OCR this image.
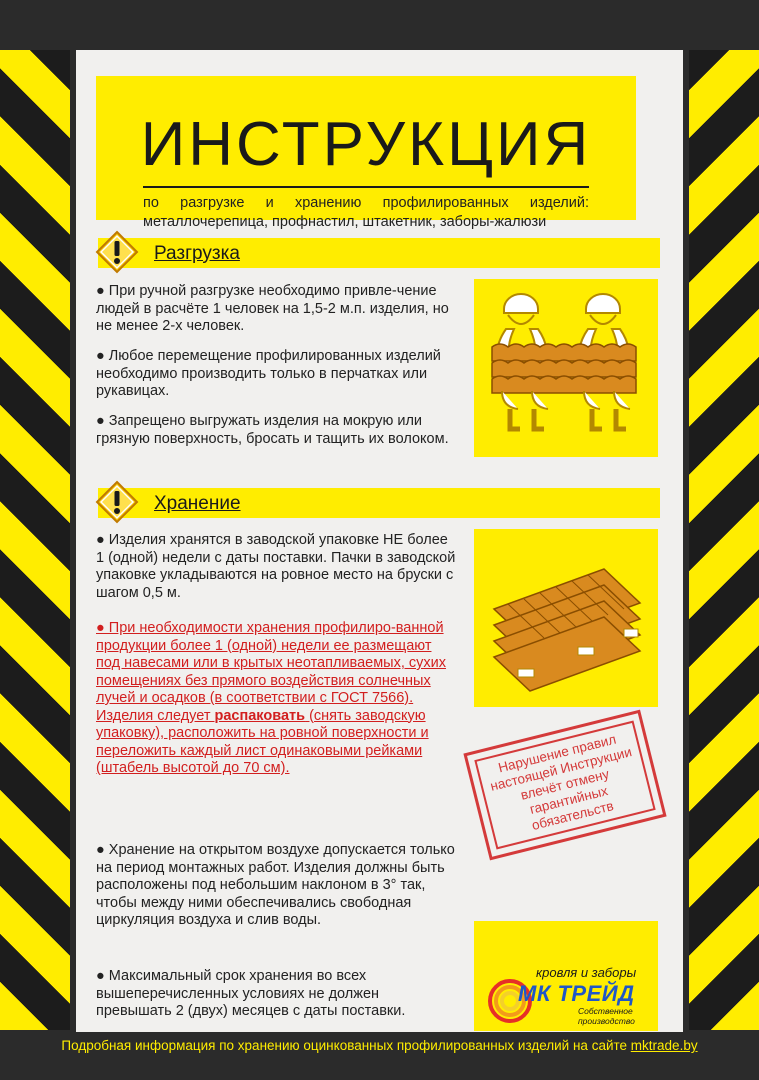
ИНСТРУКЦИЯ
по разгрузке и хранению профилированных изделий: металлочерепица, профнастил, штакетник, заборы-жалюзи
Разгрузка
● При ручной разгрузке необходимо привле-чение людей в расчёте 1 человек на 1,5-2 м.п. изделия, но не менее 2-х человек.
● Любое перемещение профилированных изделий необходимо производить только в перчатках или рукавицах.
● Запрещено выгружать изделия на мокрую или грязную поверхность, бросать и тащить их волоком.
Хранение
● Изделия хранятся в заводской упаковке НЕ более 1 (одной) недели с даты поставки. Пачки в заводской упаковке укладываются на ровное место на бруски с шагом 0,5 м.
● При необходимости хранения профилиро-ванной продукции более 1 (одной) недели ее размещают под навесами или в крытых неотапливаемых, сухих помещениях без прямого воздействия солнечных лучей и осадков (в соответствии с ГОСТ 7566). Изделия следует распаковать (снять заводскую упаковку), расположить на ровной поверхности и переложить каждый лист одинаковыми рейками (штабель высотой до 70 см).
● Хранение на открытом воздухе допускается только на период монтажных работ. Изделия должны быть расположены под небольшим наклоном в 3° так, чтобы между ними обеспечивались свободная циркуляция воздуха и слив воды.
● Максимальный срок хранения во всех вышеперечисленных условиях не должен превышать 2 (двух) месяцев с даты поставки.
Нарушение правил настоящей Инструкции влечёт отмену гарантийных обязательств
кровля и заборы
МК ТРЕЙД
Собственное производство
Подробная информация по хранению оцинкованных профилированных изделий на сайте mktrade.by
